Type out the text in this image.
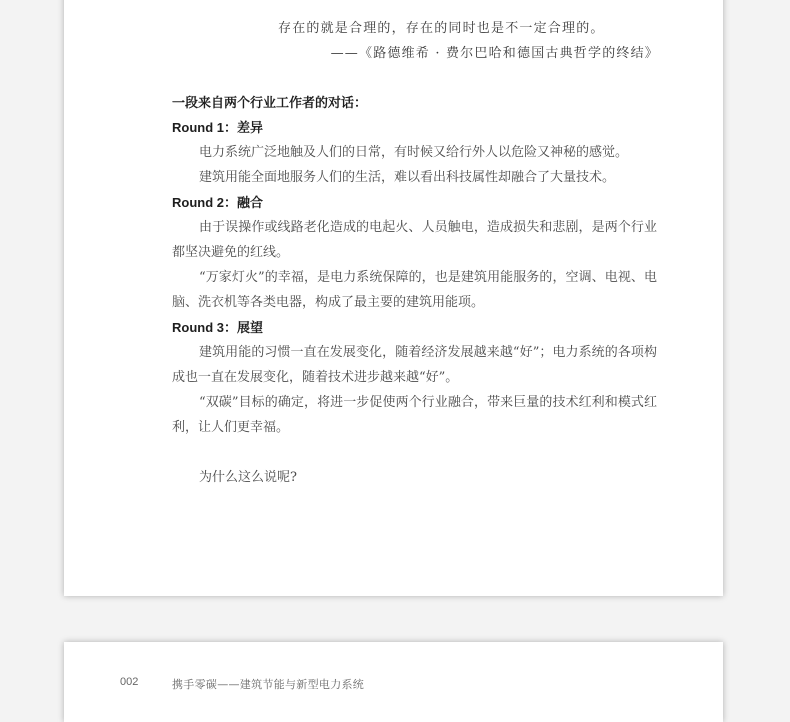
存在的就是合理的，存在的同时也是不一定合理的。
——《路德维希 · 费尔巴哈和德国古典哲学的终结》

一段来自两个行业工作者的对话：

Round 1：差异

电力系统广泛地触及人们的日常，有时候又给行外人以危险又神秘的感觉。

建筑用能全面地服务人们的生活，难以看出科技属性却融合了大量技术。

Round 2：融合

由于误操作或线路老化造成的电起火、人员触电，造成损失和悲剧，是两个行业都坚决避免的红线。

“万家灯火”的幸福，是电力系统保障的，也是建筑用能服务的，空调、电视、电脑、洗衣机等各类电器，构成了最主要的建筑用能项。

Round 3：展望

建筑用能的习惯一直在发展变化，随着经济发展越来越“好”；电力系统的各项构成也一直在发展变化，随着技术进步越来越“好”。

“双碳”目标的确定，将进一步促使两个行业融合，带来巨量的技术红利和模式红利，让人们更幸福。

为什么这么说呢?

002	携手零碳——建筑节能与新型电力系统
